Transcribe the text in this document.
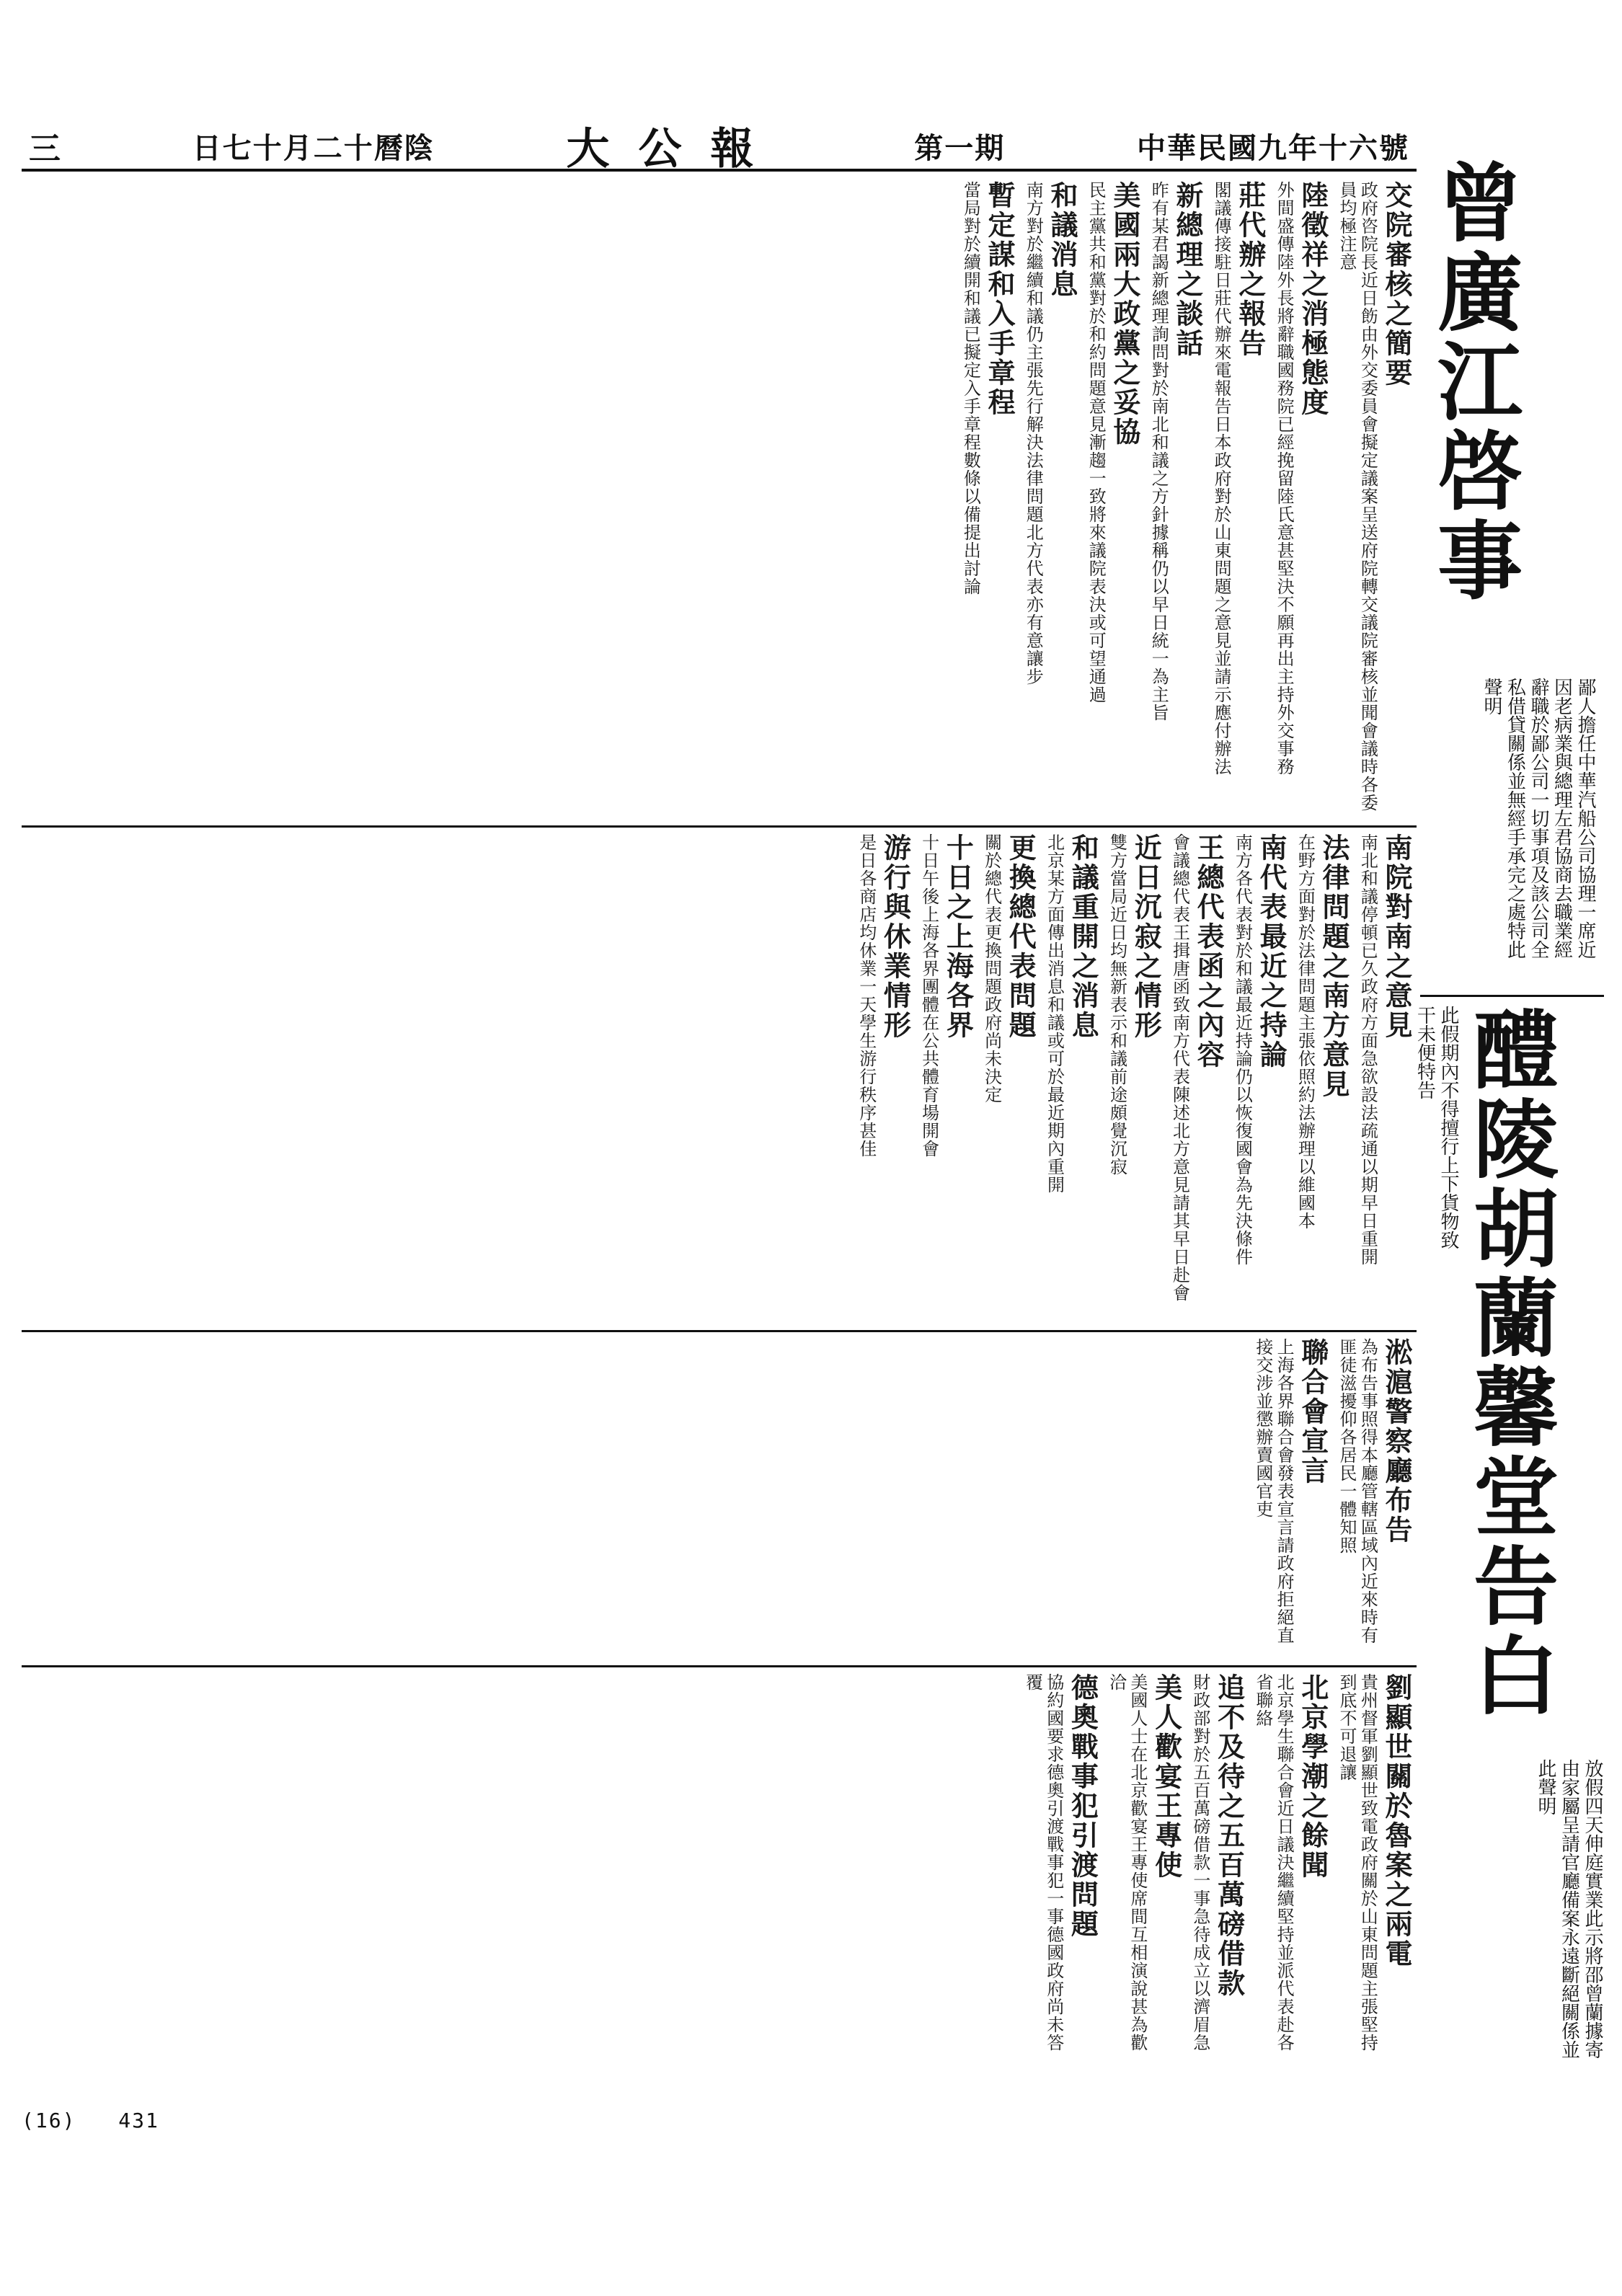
中華民國九年十六號
第一期
大公報
日七十月二十曆陰
三
曾廣江啓事
鄙人擔任中華汽船公司協理一席近因老病業與總理左君協商去職業經辭職於鄙公司一切事項及該公司全私借貸關係並無經手承完之處特此聲明
此假期內不得擅行上下貨物致干未便特告 醴陵胡蘭馨堂告白
放假四天伸庭實業此示將邵曾蘭據寄由家屬呈請官廳備案永遠斷絕關係並此聲明
交院審核之簡要
政府咨院長近日飭由外交委員會擬定議案呈送府院轉交議院審核並聞會議時各委員均極注意
陸徵祥之消極態度
外間盛傳陸外長將辭職國務院已經挽留陸氏意甚堅決不願再出主持外交事務
莊代辦之報告
閣議傳接駐日莊代辦來電報告日本政府對於山東問題之意見並請示應付辦法
新總理之談話
昨有某君謁新總理詢問對於南北和議之方針據稱仍以早日統一為主旨
美國兩大政黨之妥協
民主黨共和黨對於和約問題意見漸趨一致將來議院表決或可望通過
和議消息
南方對於繼續和議仍主張先行解決法律問題北方代表亦有意讓步
暫定謀和入手章程
當局對於續開和議已擬定入手章程數條以備提出討論
南院對南之意見
南北和議停頓已久政府方面急欲設法疏通以期早日重開
法律問題之南方意見
在野方面對於法律問題主張依照約法辦理以維國本
南代表最近之持論
南方各代表對於和議最近持論仍以恢復國會為先決條件
王總代表函之內容
會議總代表王揖唐函致南方代表陳述北方意見請其早日赴會
近日沉寂之情形
雙方當局近日均無新表示和議前途頗覺沉寂
和議重開之消息
北京某方面傳出消息和議或可於最近期內重開
更換總代表問題
關於總代表更換問題政府尚未決定
十日之上海各界
十日午後上海各界團體在公共體育場開會
游行與休業情形
是日各商店均休業一天學生游行秩序甚佳
淞滬警察廳布告
為布告事照得本廳管轄區域內近來時有匪徒滋擾仰各居民一體知照
聯合會宣言
上海各界聯合會發表宣言請政府拒絕直接交涉並懲辦賣國官吏
劉顯世關於魯案之兩電
貴州督軍劉顯世致電政府關於山東問題主張堅持到底不可退讓
北京學潮之餘聞
北京學生聯合會近日議決繼續堅持並派代表赴各省聯絡
追不及待之五百萬磅借款
財政部對於五百萬磅借款一事急待成立以濟眉急
美人歡宴王專使
美國人士在北京歡宴王專使席間互相演說甚為歡洽
德奧戰事犯引渡問題
協約國要求德奧引渡戰事犯一事德國政府尚未答覆
(16) 431
